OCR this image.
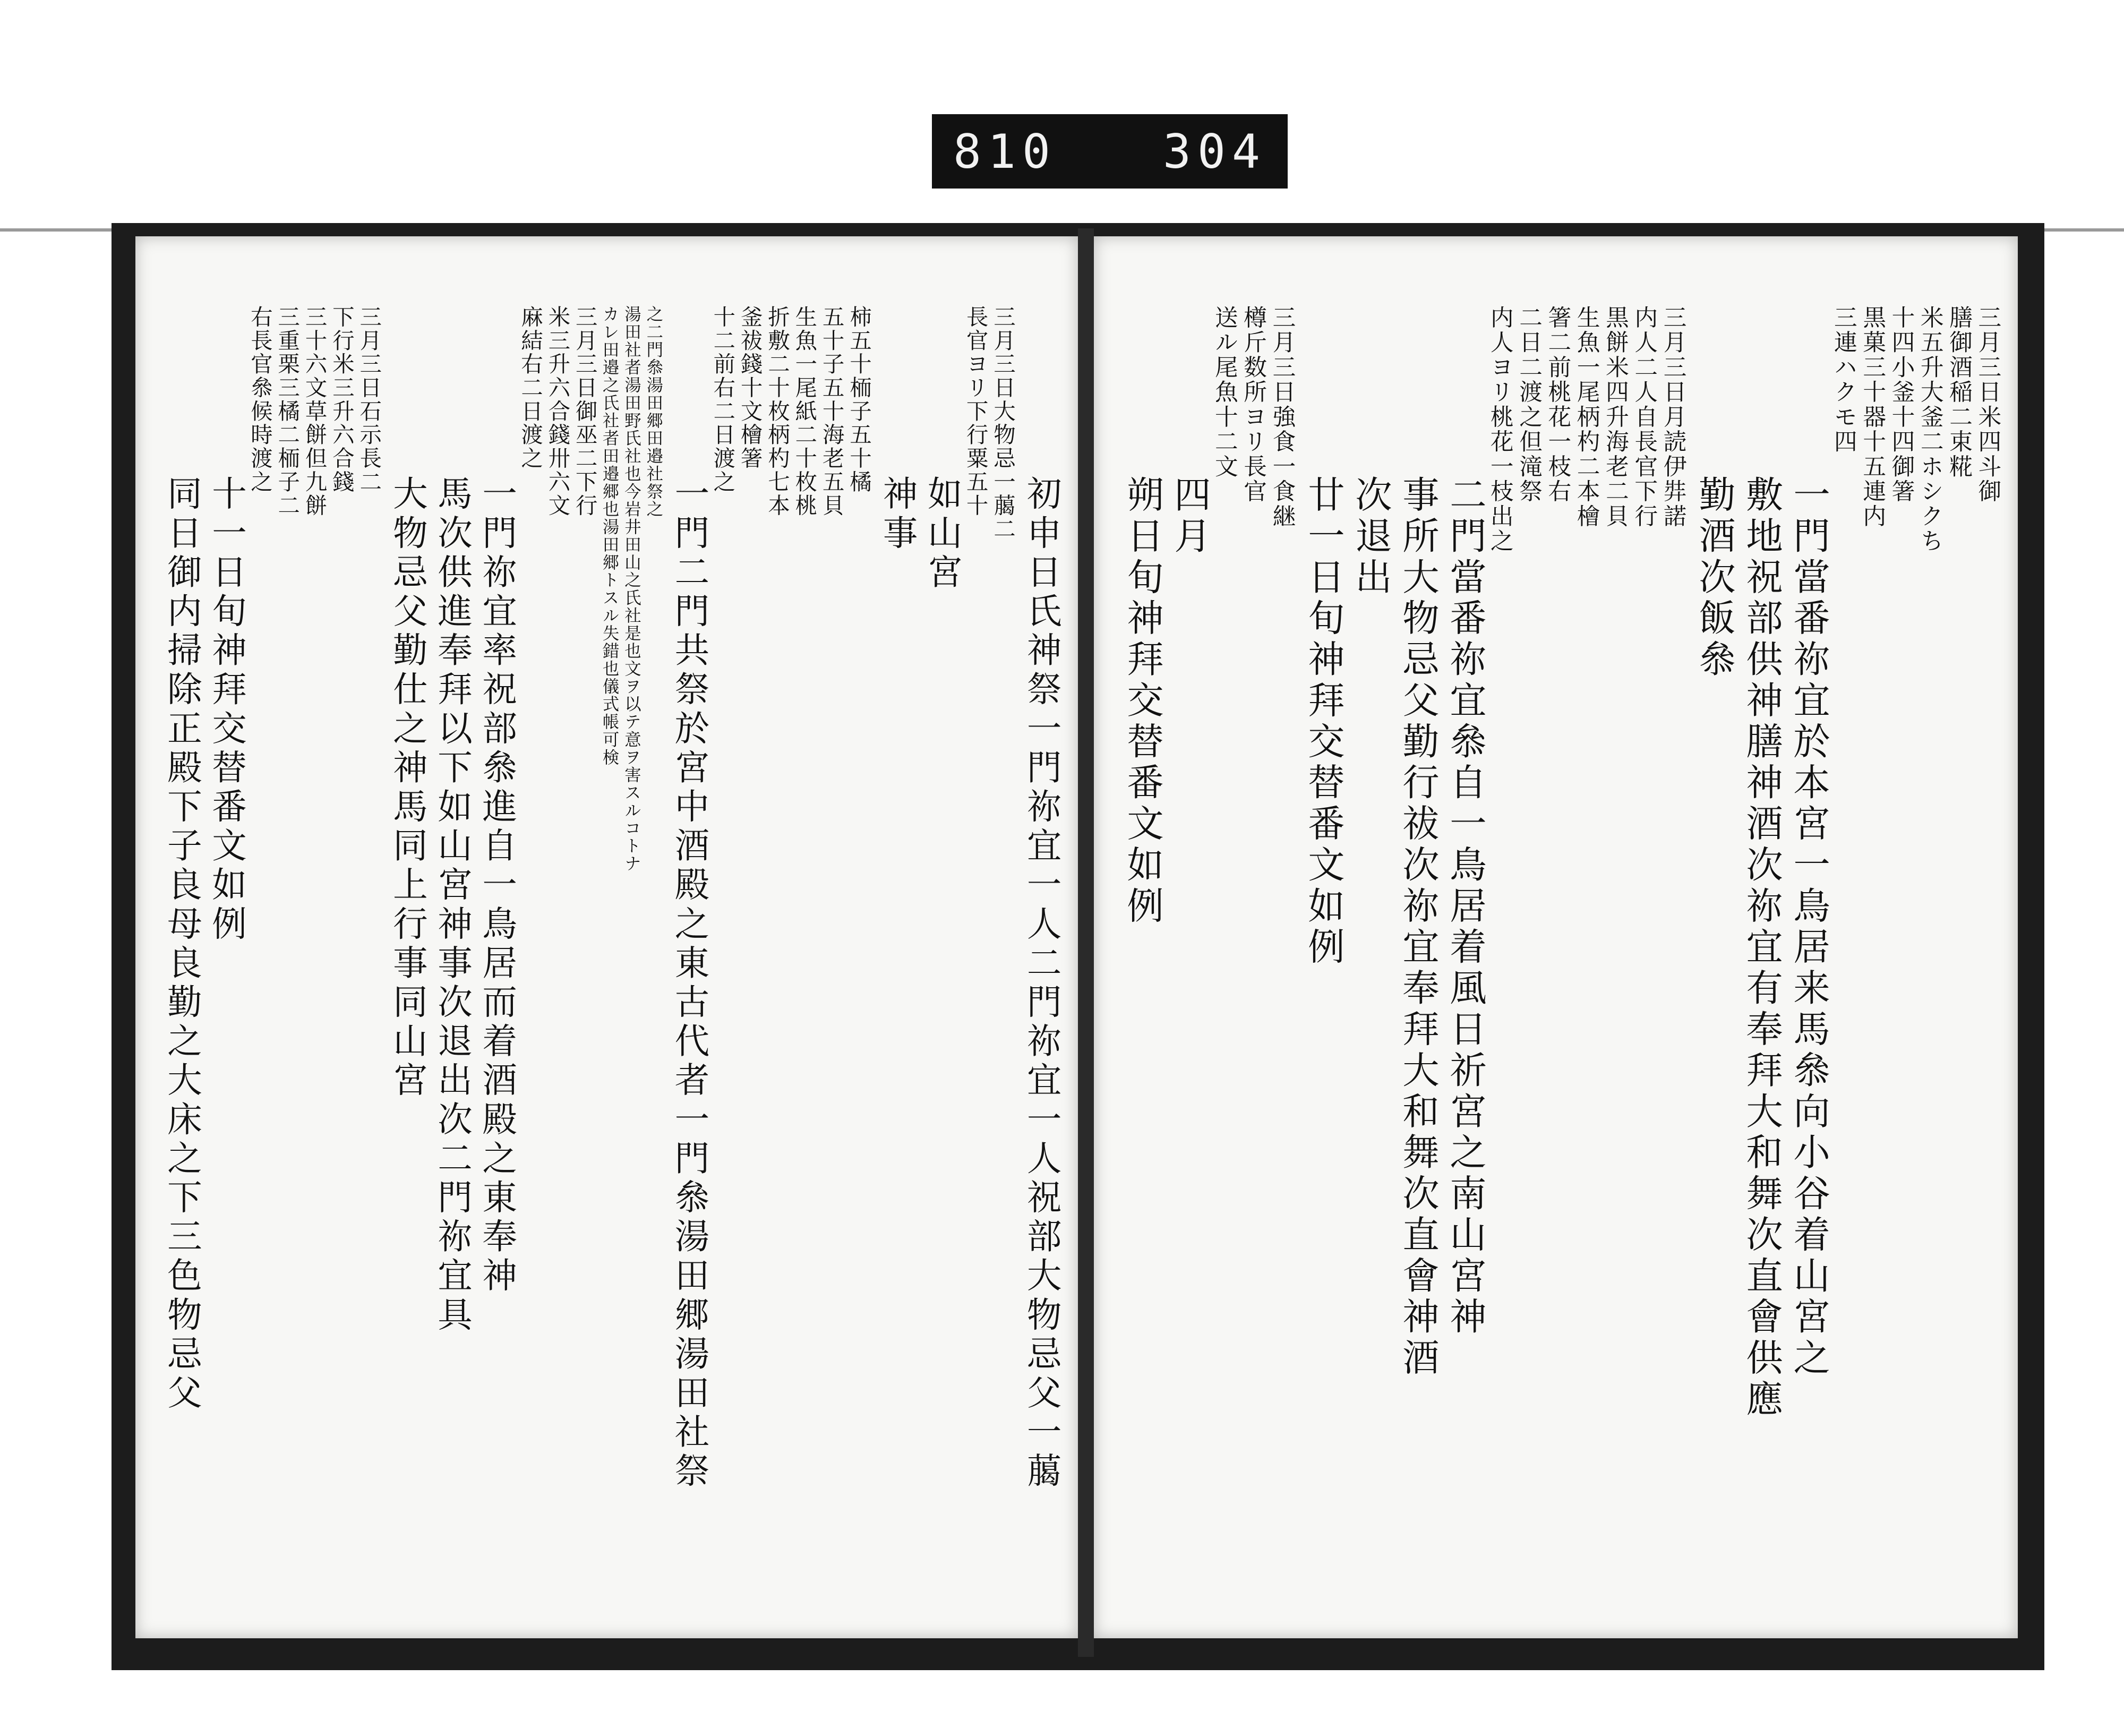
810 304
初申日氏神祭一門祢宜一人二門祢宜一人祝部大物忌父一﨟
三月三日大物忌一﨟二
長官ヨリ下行粟五十
如山宮
神事
柿五十栭子五十橘
五十子五十海老五貝
生魚一尾紙二十枚桃
折敷二十枚柄杓七本
釜祓錢十文檜箸
十二前右二日渡之
一門二門共祭於宮中酒殿之東古代者一門叅湯田郷湯田社祭
之二門叅湯田郷田邉社祭之
湯田社者湯田野氏社也今岩井田山之氏社是也文ヲ以テ意ヲ害スルコトナ
カレ田邉之氏社者田邉郷也湯田郷トスル失錯也儀式帳可検
三月三日御巫二下行
米三升六合錢卅六文
麻結右二日渡之
一門祢宜率祝部叅進自一鳥居而着酒殿之東奉神
馬次供進奉拜以下如山宮神事次退出次二門祢宜具
大物忌父勤仕之神馬同上行事同山宮
三月三日石示長二
下行米三升六合錢
三十六文草餅但九餅
三重栗三橘二栭子二
右長官叅候時渡之
十一日旬神拜交替番文如例
同日御内掃除正殿下子良母良勤之大床之下三色物忌父
三月三日米四斗御
膳御酒稲二束糀
米五升大釜二ホシクち
十四小釜十四御箸
黒菓三十器十五連内
三連ハクモ四
一門當番祢宜於本宮一鳥居来馬叅向小谷着山宮之
敷地祝部供神膳神酒次祢宜有奉拜大和舞次直會供應
勤酒次飯叅
三月三日月読伊弉諾
内人二人自長官下行
黒餅米四升海老二貝
生魚一尾柄杓二本檜
箸二前桃花一枝右
二日二渡之但滝祭
内人ヨリ桃花一枝出之
二門當番祢宜叅自一鳥居着風日祈宮之南山宮神
事所大物忌父勤行祓次祢宜奉拜大和舞次直會神酒
次退出
廿一日旬神拜交替番文如例
三月三日強食一食継
樽斤数所ヨリ長官
送ル尾魚十二文
四月
朔日旬神拜交替番文如例
